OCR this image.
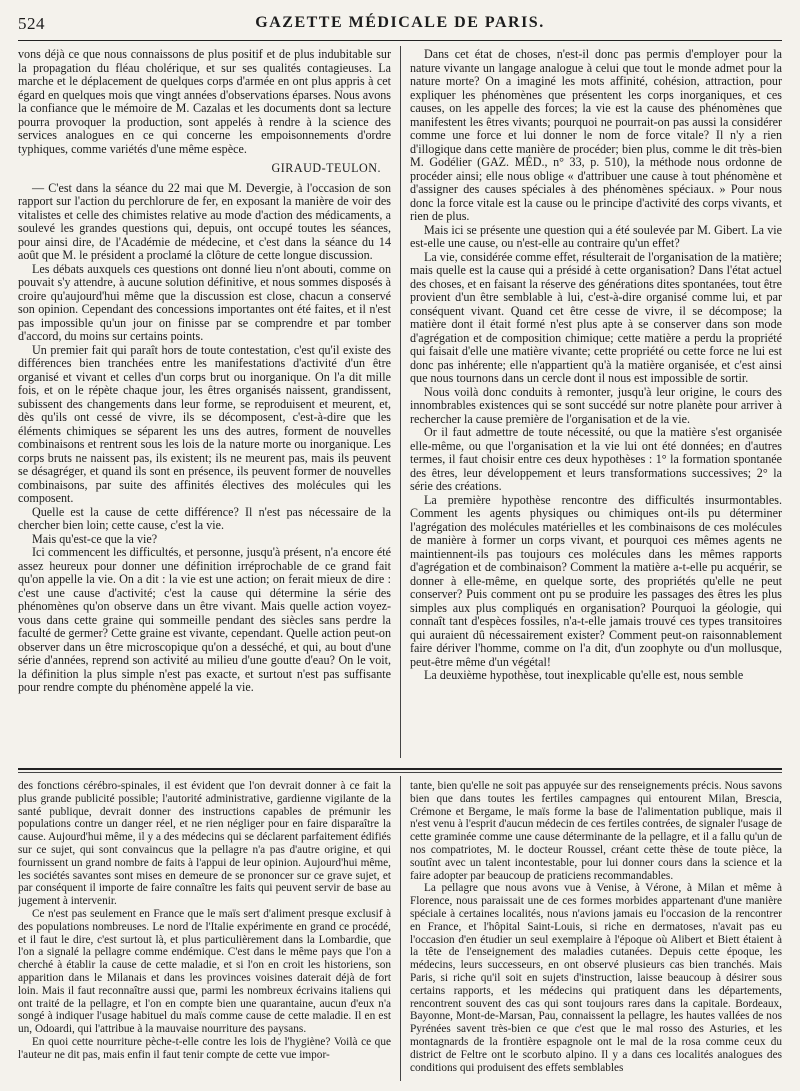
524	GAZETTE MÉDICALE DE PARIS.

vons déjà ce que nous connaissons de plus positif et de plus indubitable sur la propagation du fléau cholérique, et sur ses qualités contagieuses. La marche et le déplacement de quelques corps d'armée en ont plus appris à cet égard en quelques mois que vingt années d'observations éparses. Nous avons la confiance que le mémoire de M. Cazalas et les documents dont sa lecture pourra provoquer la production, sont appelés à rendre à la science des services analogues en ce qui concerne les empoisonnements d'ordre typhiques, comme variétés d'une même espèce.

GIRAUD-TEULON.

— C'est dans la séance du 22 mai que M. Devergie, à l'occasion de son rapport sur l'action du perchlorure de fer, en exposant la manière de voir des vitalistes et celle des chimistes relative au mode d'action des médicaments, a soulevé les grandes questions qui, depuis, ont occupé toutes les séances, pour ainsi dire, de l'Académie de médecine, et c'est dans la séance du 14 août que M. le président a proclamé la clôture de cette longue discussion.

Les débats auxquels ces questions ont donné lieu n'ont abouti, comme on pouvait s'y attendre, à aucune solution définitive, et nous sommes disposés à croire qu'aujourd'hui même que la discussion est close, chacun a conservé son opinion. Cependant des concessions importantes ont été faites, et il n'est pas impossible qu'un jour on finisse par se comprendre et par tomber d'accord, du moins sur certains points.

Un premier fait qui paraît hors de toute contestation, c'est qu'il existe des différences bien tranchées entre les manifestations d'activité d'un être organisé et vivant et celles d'un corps brut ou inorganique. On l'a dit mille fois, et on le répète chaque jour, les êtres organisés naissent, grandissent, subissent des changements dans leur forme, se reproduisent et meurent, et, dès qu'ils ont cessé de vivre, ils se décomposent, c'est-à-dire que les éléments chimiques se séparent les uns des autres, forment de nouvelles combinaisons et rentrent sous les lois de la nature morte ou inorganique. Les corps bruts ne naissent pas, ils existent; ils ne meurent pas, mais ils peuvent se désagréger, et quand ils sont en présence, ils peuvent former de nouvelles combinaisons, par suite des affinités électives des molécules qui les composent.

Quelle est la cause de cette différence? Il n'est pas nécessaire de la chercher bien loin; cette cause, c'est la vie.

Mais qu'est-ce que la vie?

Ici commencent les difficultés, et personne, jusqu'à présent, n'a encore été assez heureux pour donner une définition irréprochable de ce grand fait qu'on appelle la vie. On a dit : la vie est une action; on ferait mieux de dire : c'est une cause d'activité; c'est la cause qui détermine la série des phénomènes qu'on observe dans un être vivant. Mais quelle action voyez-vous dans cette graine qui sommeille pendant des siècles sans perdre la faculté de germer? Cette graine est vivante, cependant. Quelle action peut-on observer dans un être microscopique qu'on a desséché, et qui, au bout d'une série d'années, reprend son activité au milieu d'une goutte d'eau? On le voit, la définition la plus simple n'est pas exacte, et surtout n'est pas suffisante pour rendre compte du phénomène appelé la vie.

Dans cet état de choses, n'est-il donc pas permis d'employer pour la nature vivante un langage analogue à celui que tout le monde admet pour la nature morte? On a imaginé les mots affinité, cohésion, attraction, pour expliquer les phénomènes que présentent les corps inorganiques, et ces causes, on les appelle des forces; la vie est la cause des phénomènes que manifestent les êtres vivants; pourquoi ne pourrait-on pas aussi la considérer comme une force et lui donner le nom de force vitale? Il n'y a rien d'illogique dans cette manière de procéder; bien plus, comme le dit très-bien M. Godélier (GAZ. MÉD., n° 33, p. 510), la méthode nous ordonne de procéder ainsi; elle nous oblige « d'attribuer une cause à tout phénomène et d'assigner des causes spéciales à des phénomènes spéciaux. » Pour nous donc la force vitale est la cause ou le principe d'activité des corps vivants, et rien de plus.

Mais ici se présente une question qui a été soulevée par M. Gibert. La vie est-elle une cause, ou n'est-elle au contraire qu'un effet?

La vie, considérée comme effet, résulterait de l'organisation de la matière; mais quelle est la cause qui a présidé à cette organisation? Dans l'état actuel des choses, et en faisant la réserve des générations dites spontanées, tout être provient d'un être semblable à lui, c'est-à-dire organisé comme lui, et par conséquent vivant. Quand cet être cesse de vivre, il se décompose; la matière dont il était formé n'est plus apte à se conserver dans son mode d'agrégation et de composition chimique; cette matière a perdu la propriété qui faisait d'elle une matière vivante; cette propriété ou cette force ne lui est donc pas inhérente; elle n'appartient qu'à la matière organisée, et c'est ainsi que nous tournons dans un cercle dont il nous est impossible de sortir.

Nous voilà donc conduits à remonter, jusqu'à leur origine, le cours des innombrables existences qui se sont succédé sur notre planète pour arriver à rechercher la cause première de l'organisation et de la vie.

Or il faut admettre de toute nécessité, ou que la matière s'est organisée elle-même, ou que l'organisation et la vie lui ont été données; en d'autres termes, il faut choisir entre ces deux hypothèses : 1° la formation spontanée des êtres, leur développement et leurs transformations successives; 2° la série des créations.

La première hypothèse rencontre des difficultés insurmontables. Comment les agents physiques ou chimiques ont-ils pu déterminer l'agrégation des molécules matérielles et les combinaisons de ces molécules de manière à former un corps vivant, et pourquoi ces mêmes agents ne maintiennent-ils pas toujours ces molécules dans les mêmes rapports d'agrégation et de combinaison? Comment la matière a-t-elle pu acquérir, se donner à elle-même, en quelque sorte, des propriétés qu'elle ne peut conserver? Puis comment ont pu se produire les passages des êtres les plus simples aux plus compliqués en organisation? Pourquoi la géologie, qui connaît tant d'espèces fossiles, n'a-t-elle jamais trouvé ces types transitoires qui auraient dû nécessairement exister? Comment peut-on raisonnablement faire dériver l'homme, comme on l'a dit, d'un zoophyte ou d'un mollusque, peut-être même d'un végétal!

La deuxième hypothèse, tout inexplicable qu'elle est, nous semble

des fonctions cérébro-spinales, il est évident que l'on devrait donner à ce fait la plus grande publicité possible; l'autorité administrative, gardienne vigilante de la santé publique, devrait donner des instructions capables de prémunir les populations contre un danger réel, et ne rien négliger pour en faire disparaître la cause. Aujourd'hui même, il y a des médecins qui se déclarent parfaitement édifiés sur ce sujet, qui sont convaincus que la pellagre n'a pas d'autre origine, et qui fournissent un grand nombre de faits à l'appui de leur opinion. Aujourd'hui même, les sociétés savantes sont mises en demeure de se prononcer sur ce grave sujet, et par conséquent il importe de faire connaître les faits qui peuvent servir de base au jugement à intervenir.

Ce n'est pas seulement en France que le maïs sert d'aliment presque exclusif à des populations nombreuses. Le nord de l'Italie expérimente en grand ce procédé, et il faut le dire, c'est surtout là, et plus particulièrement dans la Lombardie, que l'on a signalé la pellagre comme endémique. C'est dans le même pays que l'on a cherché à établir la cause de cette maladie, et si l'on en croit les historiens, son apparition dans le Milanais et dans les provinces voisines daterait déjà de fort loin. Mais il faut reconnaître aussi que, parmi les nombreux écrivains italiens qui ont traité de la pellagre, et l'on en compte bien une quarantaine, aucun d'eux n'a songé à indiquer l'usage habituel du maïs comme cause de cette maladie. Il en est un, Odoardi, qui l'attribue à la mauvaise nourriture des paysans.

En quoi cette nourriture pèche-t-elle contre les lois de l'hygiène? Voilà ce que l'auteur ne dit pas, mais enfin il faut tenir compte de cette vue impor-

tante, bien qu'elle ne soit pas appuyée sur des renseignements précis. Nous savons bien que dans toutes les fertiles campagnes qui entourent Milan, Brescia, Crémone et Bergame, le maïs forme la base de l'alimentation publique, mais il n'est venu à l'esprit d'aucun médecin de ces fertiles contrées, de signaler l'usage de cette graminée comme une cause déterminante de la pellagre, et il a fallu qu'un de nos compatriotes, M. le docteur Roussel, créant cette thèse de toute pièce, la soutînt avec un talent incontestable, pour lui donner cours dans la science et la faire adopter par beaucoup de praticiens recommandables.

La pellagre que nous avons vue à Venise, à Vérone, à Milan et même à Florence, nous paraissait une de ces formes morbides appartenant d'une manière spéciale à certaines localités, nous n'avions jamais eu l'occasion de la rencontrer en France, et l'hôpital Saint-Louis, si riche en dermatoses, n'avait pas eu l'occasion d'en étudier un seul exemplaire à l'époque où Alibert et Biett étaient à la tête de l'enseignement des maladies cutanées. Depuis cette époque, les médecins, leurs successeurs, en ont observé plusieurs cas bien tranchés. Mais Paris, si riche qu'il soit en sujets d'instruction, laisse beaucoup à désirer sous certains rapports, et les médecins qui pratiquent dans les départements, rencontrent souvent des cas qui sont toujours rares dans la capitale. Bordeaux, Bayonne, Mont-de-Marsan, Pau, connaissent la pellagre, les hautes vallées de nos Pyrénées savent très-bien ce que c'est que le mal rosso des Asturies, et les montagnards de la frontière espagnole ont le mal de la rosa comme ceux du district de Feltre ont le scorbuto alpino. Il y a dans ces localités analogues des conditions qui produisent des effets semblables
